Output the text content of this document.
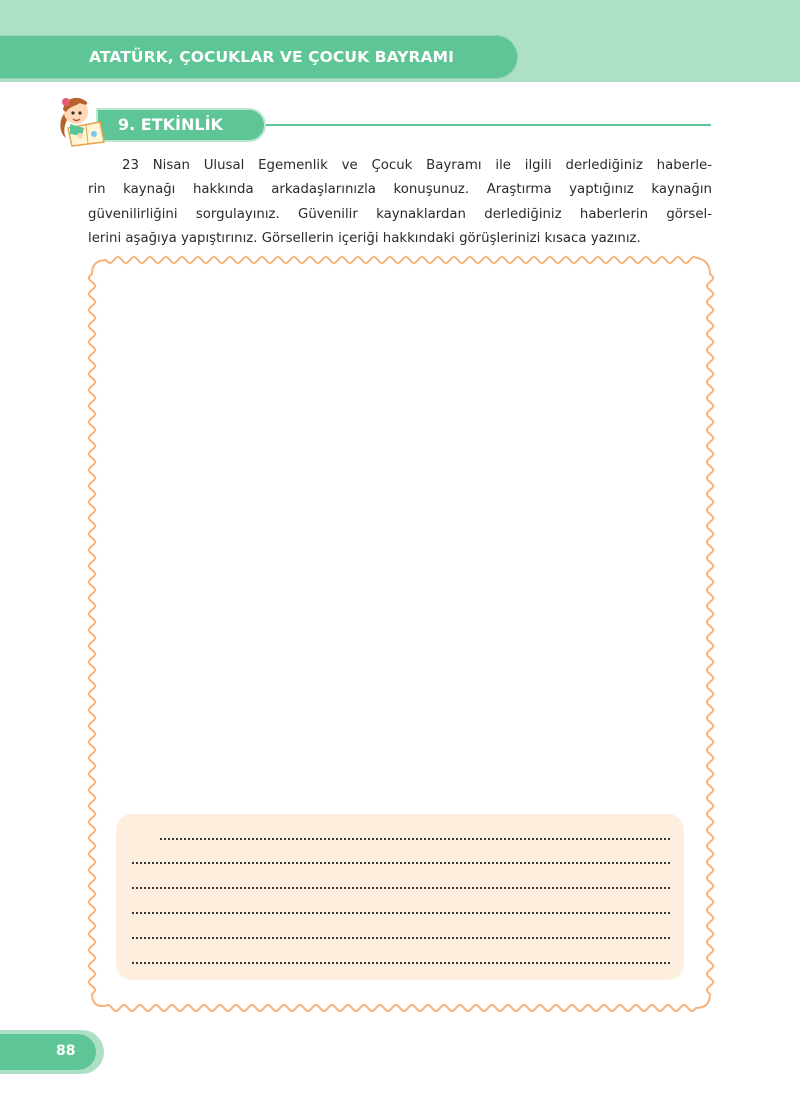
ATATÜRK, ÇOCUKLAR VE ÇOCUK BAYRAMI
9. ETKİNLİK
23 Nisan Ulusal Egemenlik ve Çocuk Bayramı ile ilgili derlediğiniz haberle-
rin kaynağı hakkında arkadaşlarınızla konuşunuz. Araştırma yaptığınız kaynağın
güvenilirliğini sorgulayınız. Güvenilir kaynaklardan derlediğiniz haberlerin görsel-
lerini aşağıya yapıştırınız. Görsellerin içeriği hakkındaki görüşlerinizi kısaca yazınız.
88
